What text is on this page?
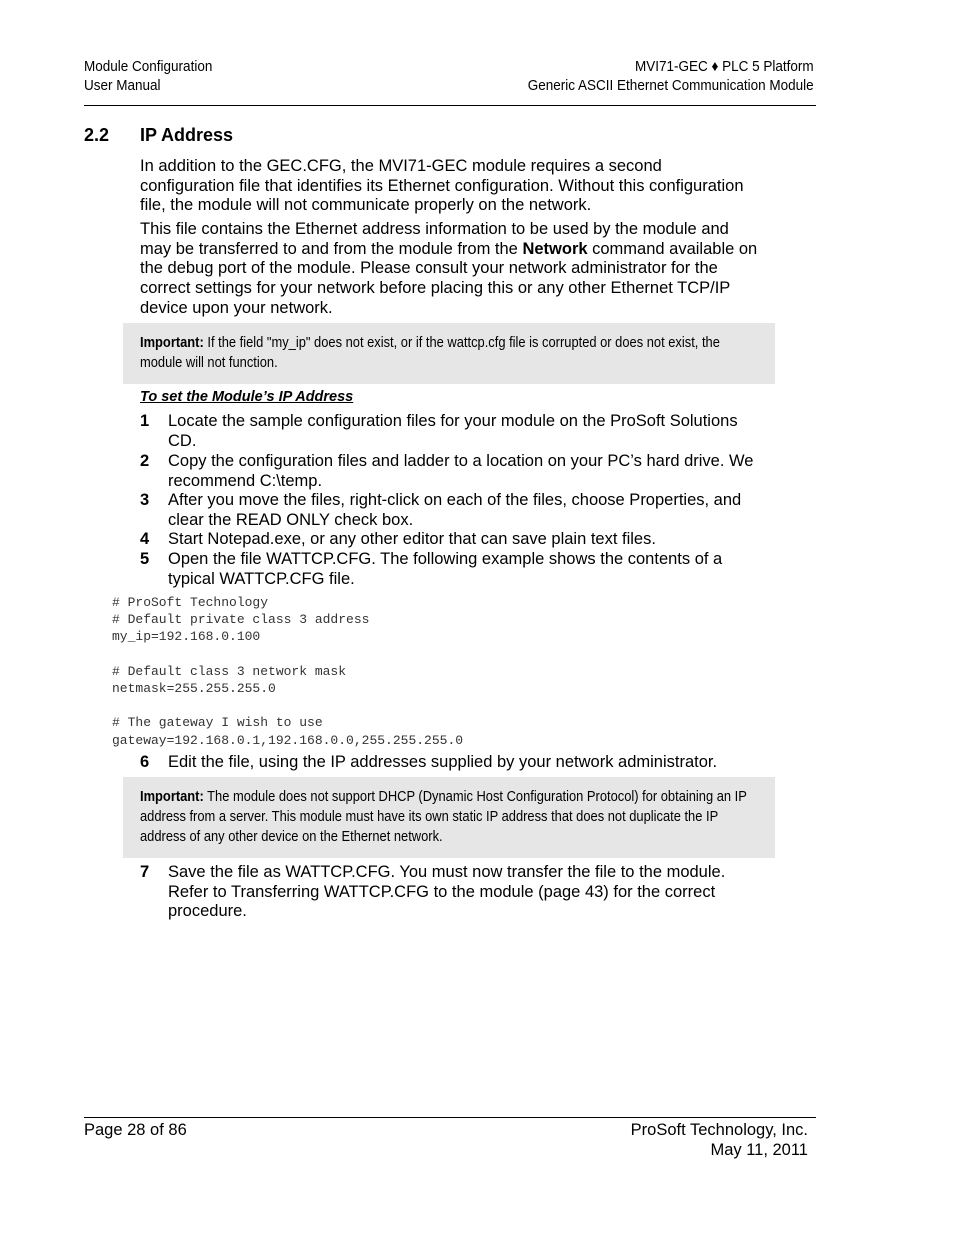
Module Configuration
User Manual
MVI71-GEC ♦ PLC 5 Platform
Generic ASCII Ethernet Communication Module
2.2 IP Address
In addition to the GEC.CFG, the MVI71-GEC module requires a second configuration file that identifies its Ethernet configuration. Without this configuration file, the module will not communicate properly on the network.
This file contains the Ethernet address information to be used by the module and may be transferred to and from the module from the Network command available on the debug port of the module. Please consult your network administrator for the correct settings for your network before placing this or any other Ethernet TCP/IP device upon your network.
Important: If the field "my_ip" does not exist, or if the wattcp.cfg file is corrupted or does not exist, the module will not function.
To set the Module’s IP Address
1 Locate the sample configuration files for your module on the ProSoft Solutions CD.
2 Copy the configuration files and ladder to a location on your PC’s hard drive. We recommend C:\temp.
3 After you move the files, right-click on each of the files, choose Properties, and clear the READ ONLY check box.
4 Start Notepad.exe, or any other editor that can save plain text files.
5 Open the file WATTCP.CFG. The following example shows the contents of a typical WATTCP.CFG file.
# ProSoft Technology
# Default private class 3 address
my_ip=192.168.0.100

# Default class 3 network mask
netmask=255.255.255.0

# The gateway I wish to use
gateway=192.168.0.1,192.168.0.0,255.255.255.0
6 Edit the file, using the IP addresses supplied by your network administrator.
Important: The module does not support DHCP (Dynamic Host Configuration Protocol) for obtaining an IP address from a server. This module must have its own static IP address that does not duplicate the IP address of any other device on the Ethernet network.
7 Save the file as WATTCP.CFG. You must now transfer the file to the module. Refer to Transferring WATTCP.CFG to the module (page 43) for the correct procedure.
Page 28 of 86	ProSoft Technology, Inc.
May 11, 2011
